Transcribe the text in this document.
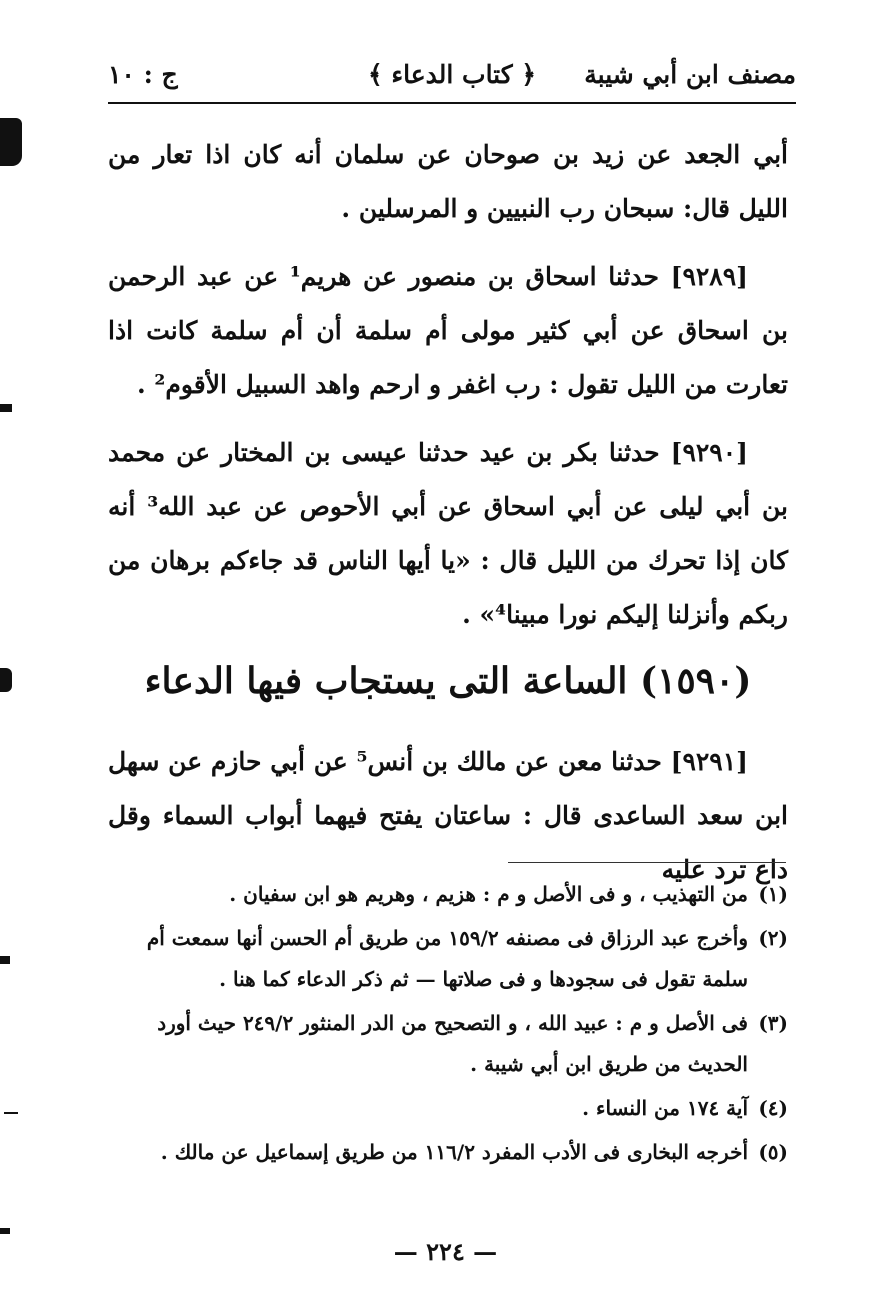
مصنف ابن أبي شيبة
﴿ كتاب الدعاء ﴾
ج : ١٠

أبي الجعد عن زيد بن صوحان عن سلمان أنه كان اذا تعار من الليل قال: سبحان رب النبيين و المرسلين .

[٩٢٨٩] حدثنا اسحاق بن منصور عن هريم¹ عن عبد الرحمن بن اسحاق عن أبي كثير مولى أم سلمة أن أم سلمة كانت اذا تعارت من الليل تقول : رب اغفر و ارحم واهد السبيل الأقوم² .

[٩٢٩٠] حدثنا بكر بن عيد حدثنا عيسى بن المختار عن محمد بن أبي ليلى عن أبي اسحاق عن أبي الأحوص عن عبد الله³ أنه كان إذا تحرك من الليل قال : «يا أيها الناس قد جاءكم برهان من ربكم وأنزلنا إليكم نورا مبينا⁴» .

(١٥٩٠) الساعة التى يستجاب فيها الدعاء

[٩٢٩١] حدثنا معن عن مالك بن أنس⁵ عن أبي حازم عن سهل ابن سعد الساعدى قال : ساعتان يفتح فيهما أبواب السماء وقل داع ترد عليه

(١)
من التهذيب ، و فى الأصل و م : هزيم ، وهريم هو ابن سفيان .
(٢)
وأخرج عبد الرزاق فى مصنفه ١٥٩/٢ من طريق أم الحسن أنها سمعت أم سلمة تقول فى سجودها و فى صلاتها — ثم ذكر الدعاء كما هنا .
(٣)
فى الأصل و م : عبيد الله ، و التصحيح من الدر المنثور ٢٤٩/٢ حيث أورد الحديث من طريق ابن أبي شيبة .
(٤)
آية ١٧٤ من النساء .
(٥)
أخرجه البخارى فى الأدب المفرد ١١٦/٢ من طريق إسماعيل عن مالك .
— ٢٢٤ —
